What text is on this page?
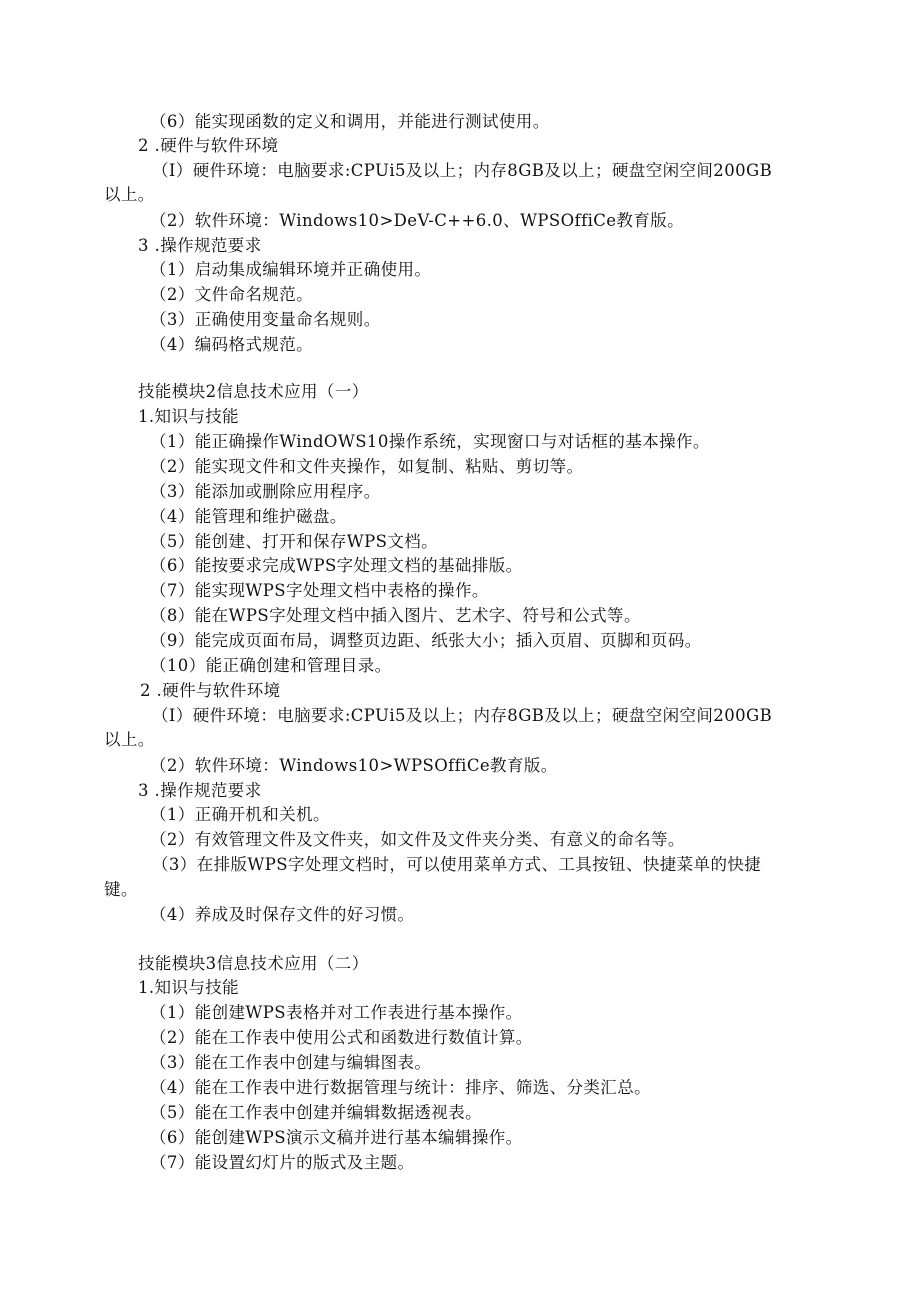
（6）能实现函数的定义和调用，并能进行测试使用。
2 .硬件与软件环境
（I）硬件环境：电脑要求:CPUi5及以上；内存8GB及以上；硬盘空闲空间200GB
以上。
（2）软件环境：Windows10>DeV-C++6.0、WPSOffiCe教育版。
3 .操作规范要求
（1）启动集成编辑环境并正确使用。
（2）文件命名规范。
（3）正确使用变量命名规则。
（4）编码格式规范。
技能模块2信息技术应用（一）
1.知识与技能
（1）能正确操作WindOWS10操作系统，实现窗口与对话框的基本操作。
（2）能实现文件和文件夹操作，如复制、粘贴、剪切等。
（3）能添加或删除应用程序。
（4）能管理和维护磁盘。
（5）能创建、打开和保存WPS文档。
（6）能按要求完成WPS字处理文档的基础排版。
（7）能实现WPS字处理文档中表格的操作。
（8）能在WPS字处理文档中插入图片、艺术字、符号和公式等。
（9）能完成页面布局，调整页边距、纸张大小；插入页眉、页脚和页码。
（10）能正确创建和管理目录。
2 .硬件与软件环境
（I）硬件环境：电脑要求:CPUi5及以上；内存8GB及以上；硬盘空闲空间200GB
以上。
（2）软件环境：Windows10>WPSOffiCe教育版。
3 .操作规范要求
（1）正确开机和关机。
（2）有效管理文件及文件夹，如文件及文件夹分类、有意义的命名等。
（3）在排版WPS字处理文档时，可以使用菜单方式、工具按钮、快捷菜单的快捷
键。
（4）养成及时保存文件的好习惯。
技能模块3信息技术应用（二）
1.知识与技能
（1）能创建WPS表格并对工作表进行基本操作。
（2）能在工作表中使用公式和函数进行数值计算。
（3）能在工作表中创建与编辑图表。
（4）能在工作表中进行数据管理与统计：排序、筛选、分类汇总。
（5）能在工作表中创建并编辑数据透视表。
（6）能创建WPS演示文稿并进行基本编辑操作。
（7）能设置幻灯片的版式及主题。
